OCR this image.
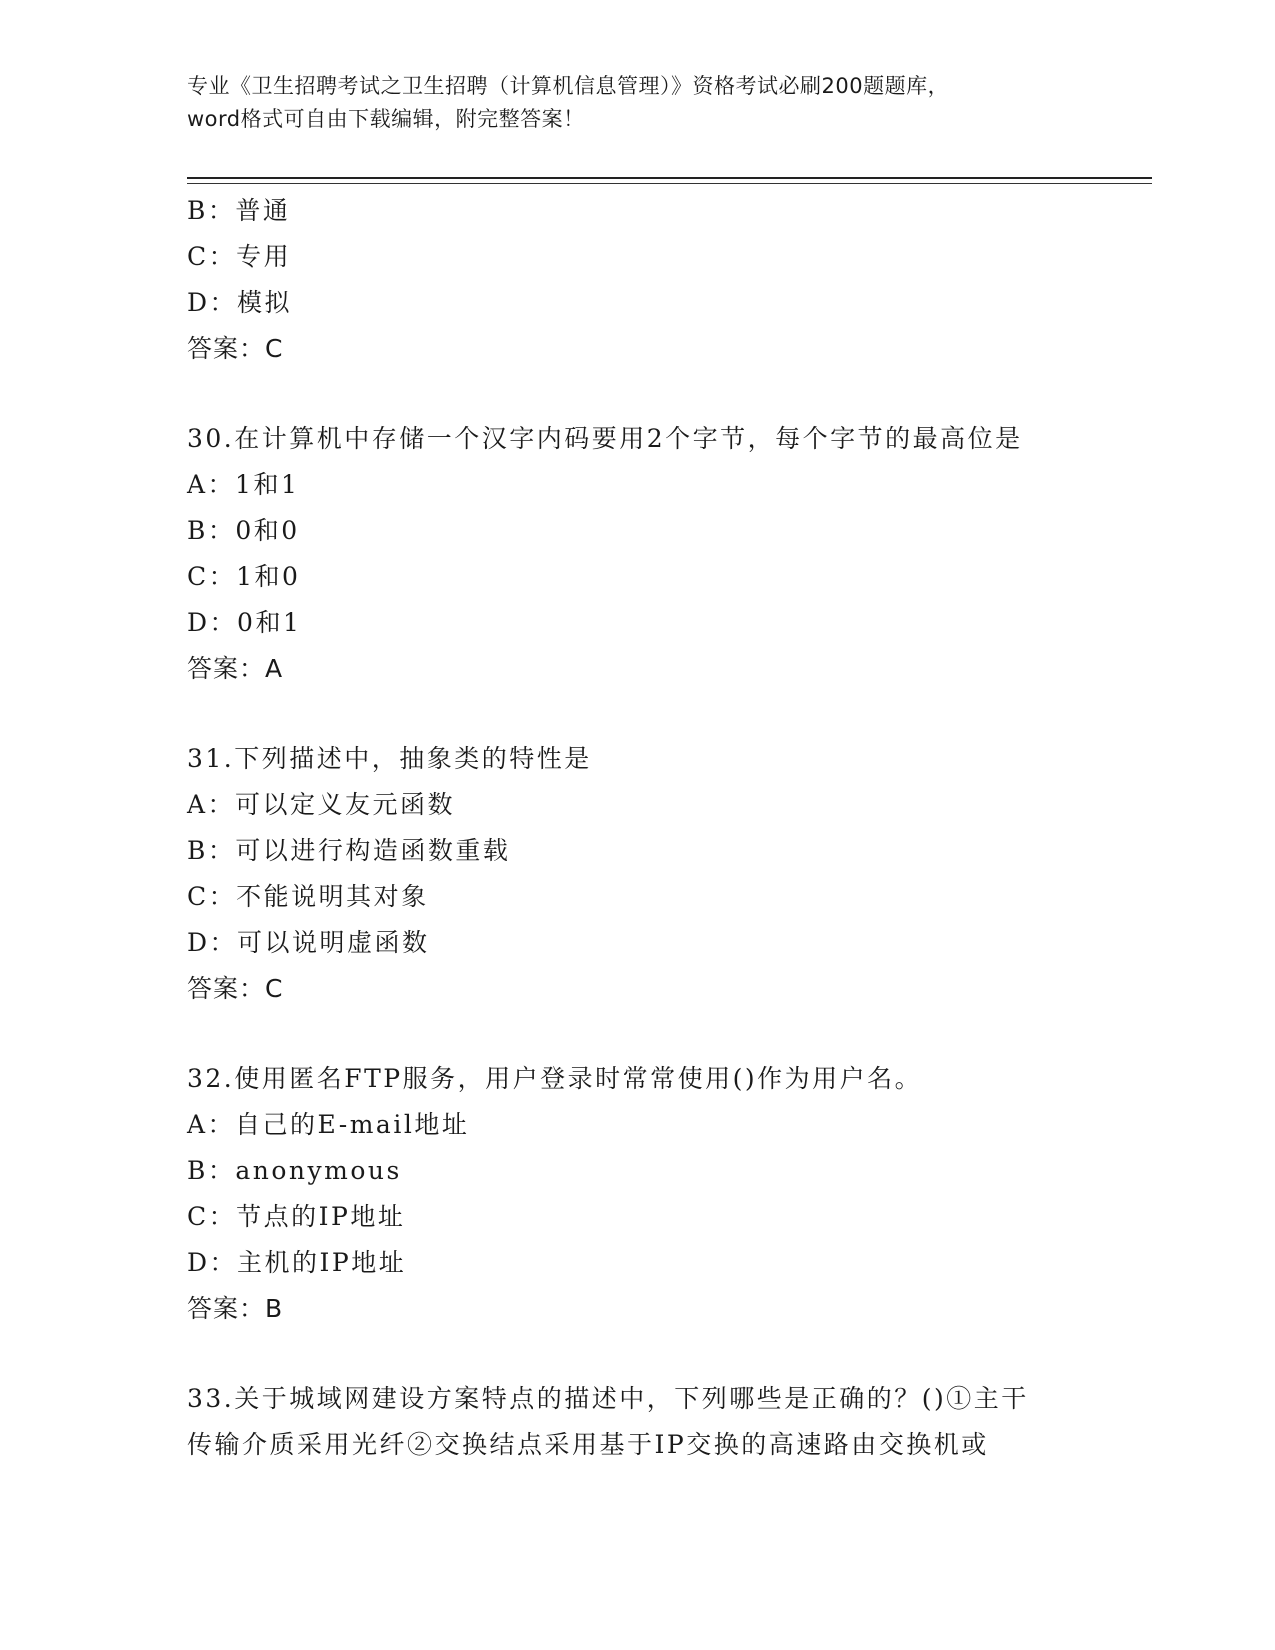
专业《卫生招聘考试之卫生招聘（计算机信息管理）》资格考试必刷200题题库，
word格式可自由下载编辑，附完整答案！
B：普通
C：专用
D：模拟
答案：C
30.在计算机中存储一个汉字内码要用2个字节，每个字节的最高位是
A：1和1
B：0和0
C：1和0
D：0和1
答案：A
31.下列描述中，抽象类的特性是
A：可以定义友元函数
B：可以进行构造函数重载
C：不能说明其对象
D：可以说明虚函数
答案：C
32.使用匿名FTP服务，用户登录时常常使用()作为用户名。
A：自己的E-mail地址
B：anonymous
C：节点的IP地址
D：主机的IP地址
答案：B
33.关于城域网建设方案特点的描述中，下列哪些是正确的？()①主干
传输介质采用光纤②交换结点采用基于IP交换的高速路由交换机或
